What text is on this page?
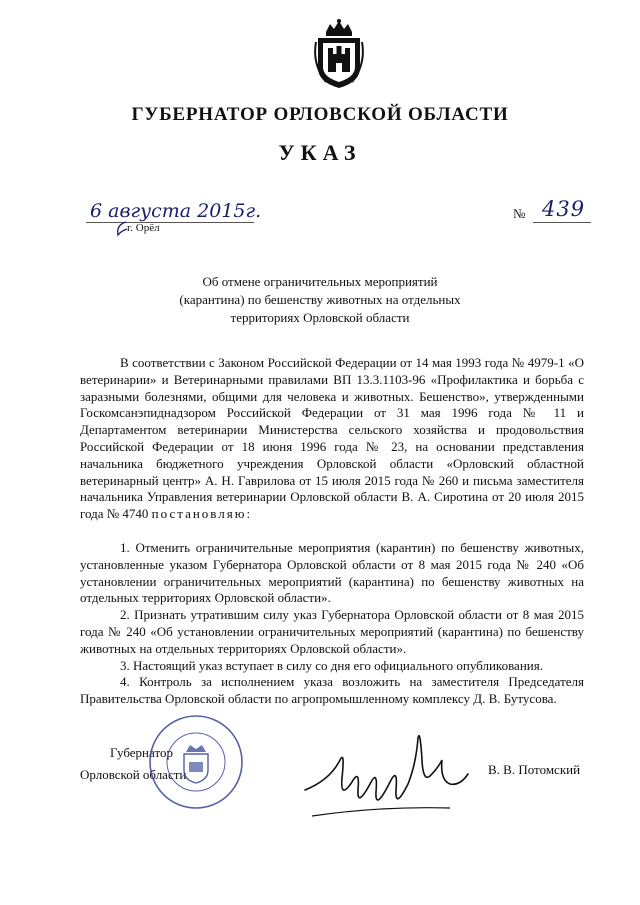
ГУБЕРНАТОР ОРЛОВСКОЙ ОБЛАСТИ
УКАЗ
6 августа 2015г.
г. Орёл
№ 439
Об отмене ограничительных мероприятий
(карантина) по бешенству животных на отдельных
территориях Орловской области

В соответствии с Законом Российской Федерации от 14 мая 1993 года № 4979-1 «О ветеринарии» и Ветеринарными правилами ВП 13.3.1103-96 «Профилактика и борьба с заразными болезнями, общими для человека и животных. Бешенство», утвержденными Госкомсанэпиднадзором Российской Федерации от 31 мая 1996 года № 11 и Департаментом ветеринарии Министерства сельского хозяйства и продовольствия Российской Федерации от 18 июня 1996 года № 23, на основании представления начальника бюджетного учреждения Орловской области «Орловский областной ветеринарный центр» А. Н. Гаврилова от 15 июля 2015 года № 260 и письма заместителя начальника Управления ветеринарии Орловской области В. А. Сиротина от 20 июля 2015 года № 4740 постановляю:

1. Отменить ограничительные мероприятия (карантин) по бешенству животных, установленные указом Губернатора Орловской области от 8 мая 2015 года № 240 «Об установлении ограничительных мероприятий (карантина) по бешенству животных на отдельных территориях Орловской области».

2. Признать утратившим силу указ Губернатора Орловской области от 8 мая 2015 года № 240 «Об установлении ограничительных мероприятий (карантина) по бешенству животных на отдельных территориях Орловской области».

3. Настоящий указ вступает в силу со дня его официального опубликования.

4. Контроль за исполнением указа возложить на заместителя Председателя Правительства Орловской области по агропромышленному комплексу Д. В. Бутусова.

Губернатор
Орловской области	В. В. Потомский
